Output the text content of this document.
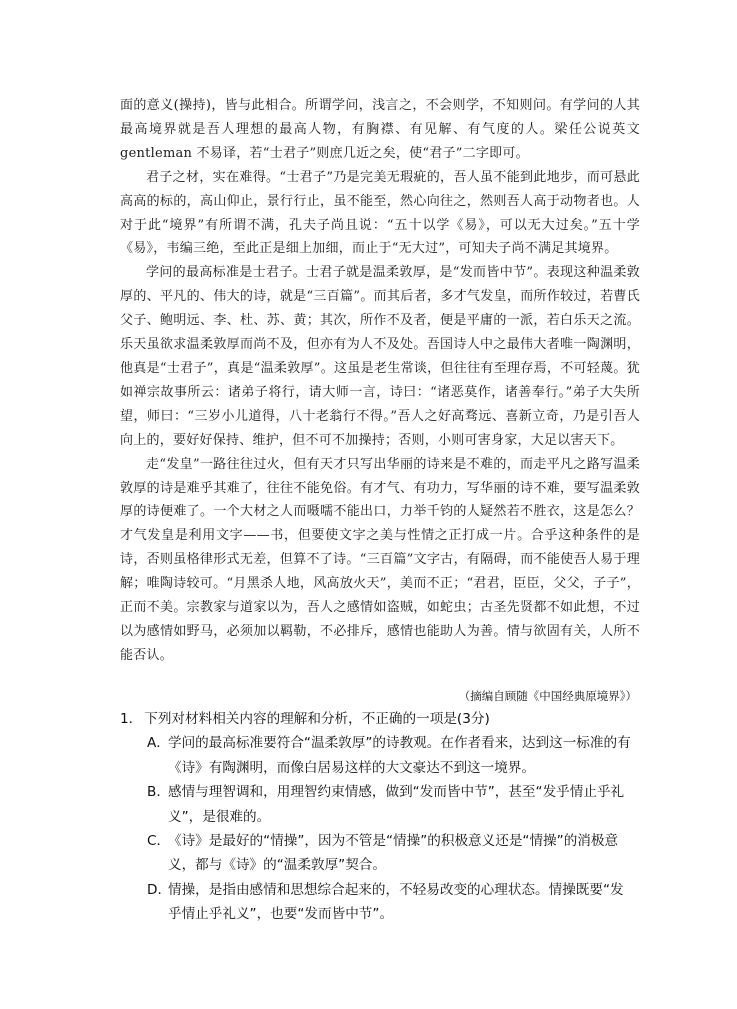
面的意义(操持)，皆与此相合。所谓学问，浅言之，不会则学，不知则问。有学问的人其最高境界就是吾人理想的最高人物，有胸襟、有见解、有气度的人。梁任公说英文 gentleman 不易译，若“士君子”则庶几近之矣，使“君子”二字即可。

君子之材，实在难得。“士君子”乃是完美无瑕疵的，吾人虽不能到此地步，而可悬此高高的标的，高山仰止，景行行止，虽不能至，然心向往之，然则吾人高于动物者也。人对于此“境界”有所谓不满，孔夫子尚且说：“五十以学《易》，可以无大过矣。”五十学《易》，韦编三绝，至此正是细上加细，而止于“无大过”，可知夫子尚不满足其境界。

学问的最高标准是士君子。士君子就是温柔敦厚，是“发而皆中节”。表现这种温柔敦厚的、平凡的、伟大的诗，就是“三百篇”。而其后者，多才气发皇，而所作较过，若曹氏父子、鲍明远、李、杜、苏、黄；其次，所作不及者，便是平庸的一派，若白乐天之流。乐天虽欲求温柔敦厚而尚不及，但亦有为人不及处。吾国诗人中之最伟大者唯一陶渊明，他真是“士君子”，真是“温柔敦厚”。这虽是老生常谈，但往往有至理存焉，不可轻蔑。犹如禅宗故事所云：诸弟子将行，请大师一言，诗曰：“诸恶莫作，诸善奉行。”弟子大失所望，师曰：“三岁小儿道得，八十老翁行不得。”吾人之好高骛远、喜新立奇，乃是引吾人向上的，要好好保持、维护，但不可不加操持；否则，小则可害身家，大足以害天下。

走“发皇”一路往往过火，但有天才只写出华丽的诗来是不难的，而走平凡之路写温柔敦厚的诗是难乎其难了，往往不能免俗。有才气、有功力，写华丽的诗不难，要写温柔敦厚的诗便难了。一个大材之人而嗫嚅不能出口，力举千钧的人疑然若不胜衣，这是怎么？才气发皇是利用文字——书，但要使文字之美与性情之正打成一片。合乎这种条件的是诗，否则虽格律形式无差，但算不了诗。“三百篇”文字古，有隔碍，而不能使吾人易于理解；唯陶诗较可。“月黑杀人地，风高放火天”，美而不正；“君君，臣臣，父父，子子”，正而不美。宗教家与道家以为，吾人之感情如盗贼，如蛇虫；古圣先贤都不如此想，不过以为感情如野马，必须加以羁勒，不必排斥，感情也能助人为善。情与欲固有关，人所不能否认。

（摘编自顾随《中国经典原境界》）

1． 下列对材料相关内容的理解和分析，不正确的一项是(3分)

A．
学问的最高标准要符合“温柔敦厚”的诗教观。在作者看来，达到这一标准的有《诗》有陶渊明，而像白居易这样的大文豪达不到这一境界。

B．
感情与理智调和，用理智约束情感，做到“发而皆中节”，甚至“发乎情止乎礼义”，是很难的。

C．
《诗》是最好的“情操”，因为不管是“情操”的积极意义还是“情操”的消极意义，都与《诗》的“温柔敦厚”契合。

D．
情操，是指由感情和思想综合起来的，不轻易改变的心理状态。情操既要“发乎情止乎礼义”，也要“发而皆中节”。
